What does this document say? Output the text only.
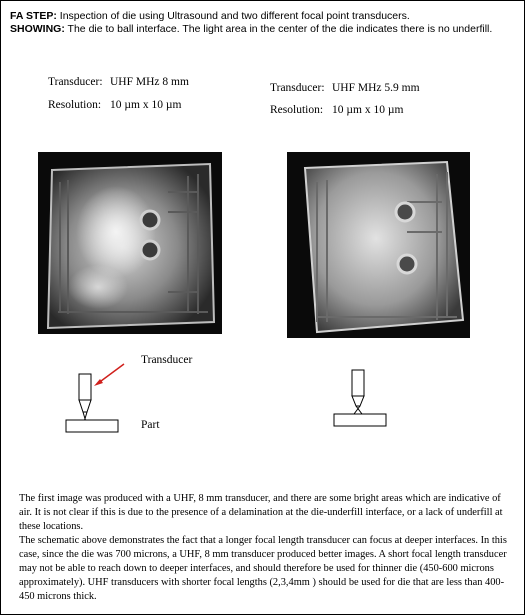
FA STEP: Inspection of die using Ultrasound and two different focal point transducers.
SHOWING: The die to ball interface. The light area in the center of the die indicates there is no underfill.
Transducer: UHF MHz 8 mm
Resolution: 10 µm x 10 µm
Transducer: UHF MHz 5.9 mm
Resolution: 10 µm x 10 µm
Transducer
Part

The first image was produced with a UHF, 8 mm transducer, and there are some bright areas which are indicative of air. It is not clear if this is due to the presence of a delamination at the die-underfill interface, or a lack of underfill at these locations.

The schematic above demonstrates the fact that a longer focal length transducer can focus at deeper interfaces. In this case, since the die was 700 microns, a UHF, 8 mm transducer produced better images. A short focal length transducer may not be able to reach down to deeper interfaces, and should therefore be used for thinner die (450-600 microns approximately). UHF transducers with shorter focal lengths (2,3,4mm ) should be used for die that are less than 400-450 microns thick.
